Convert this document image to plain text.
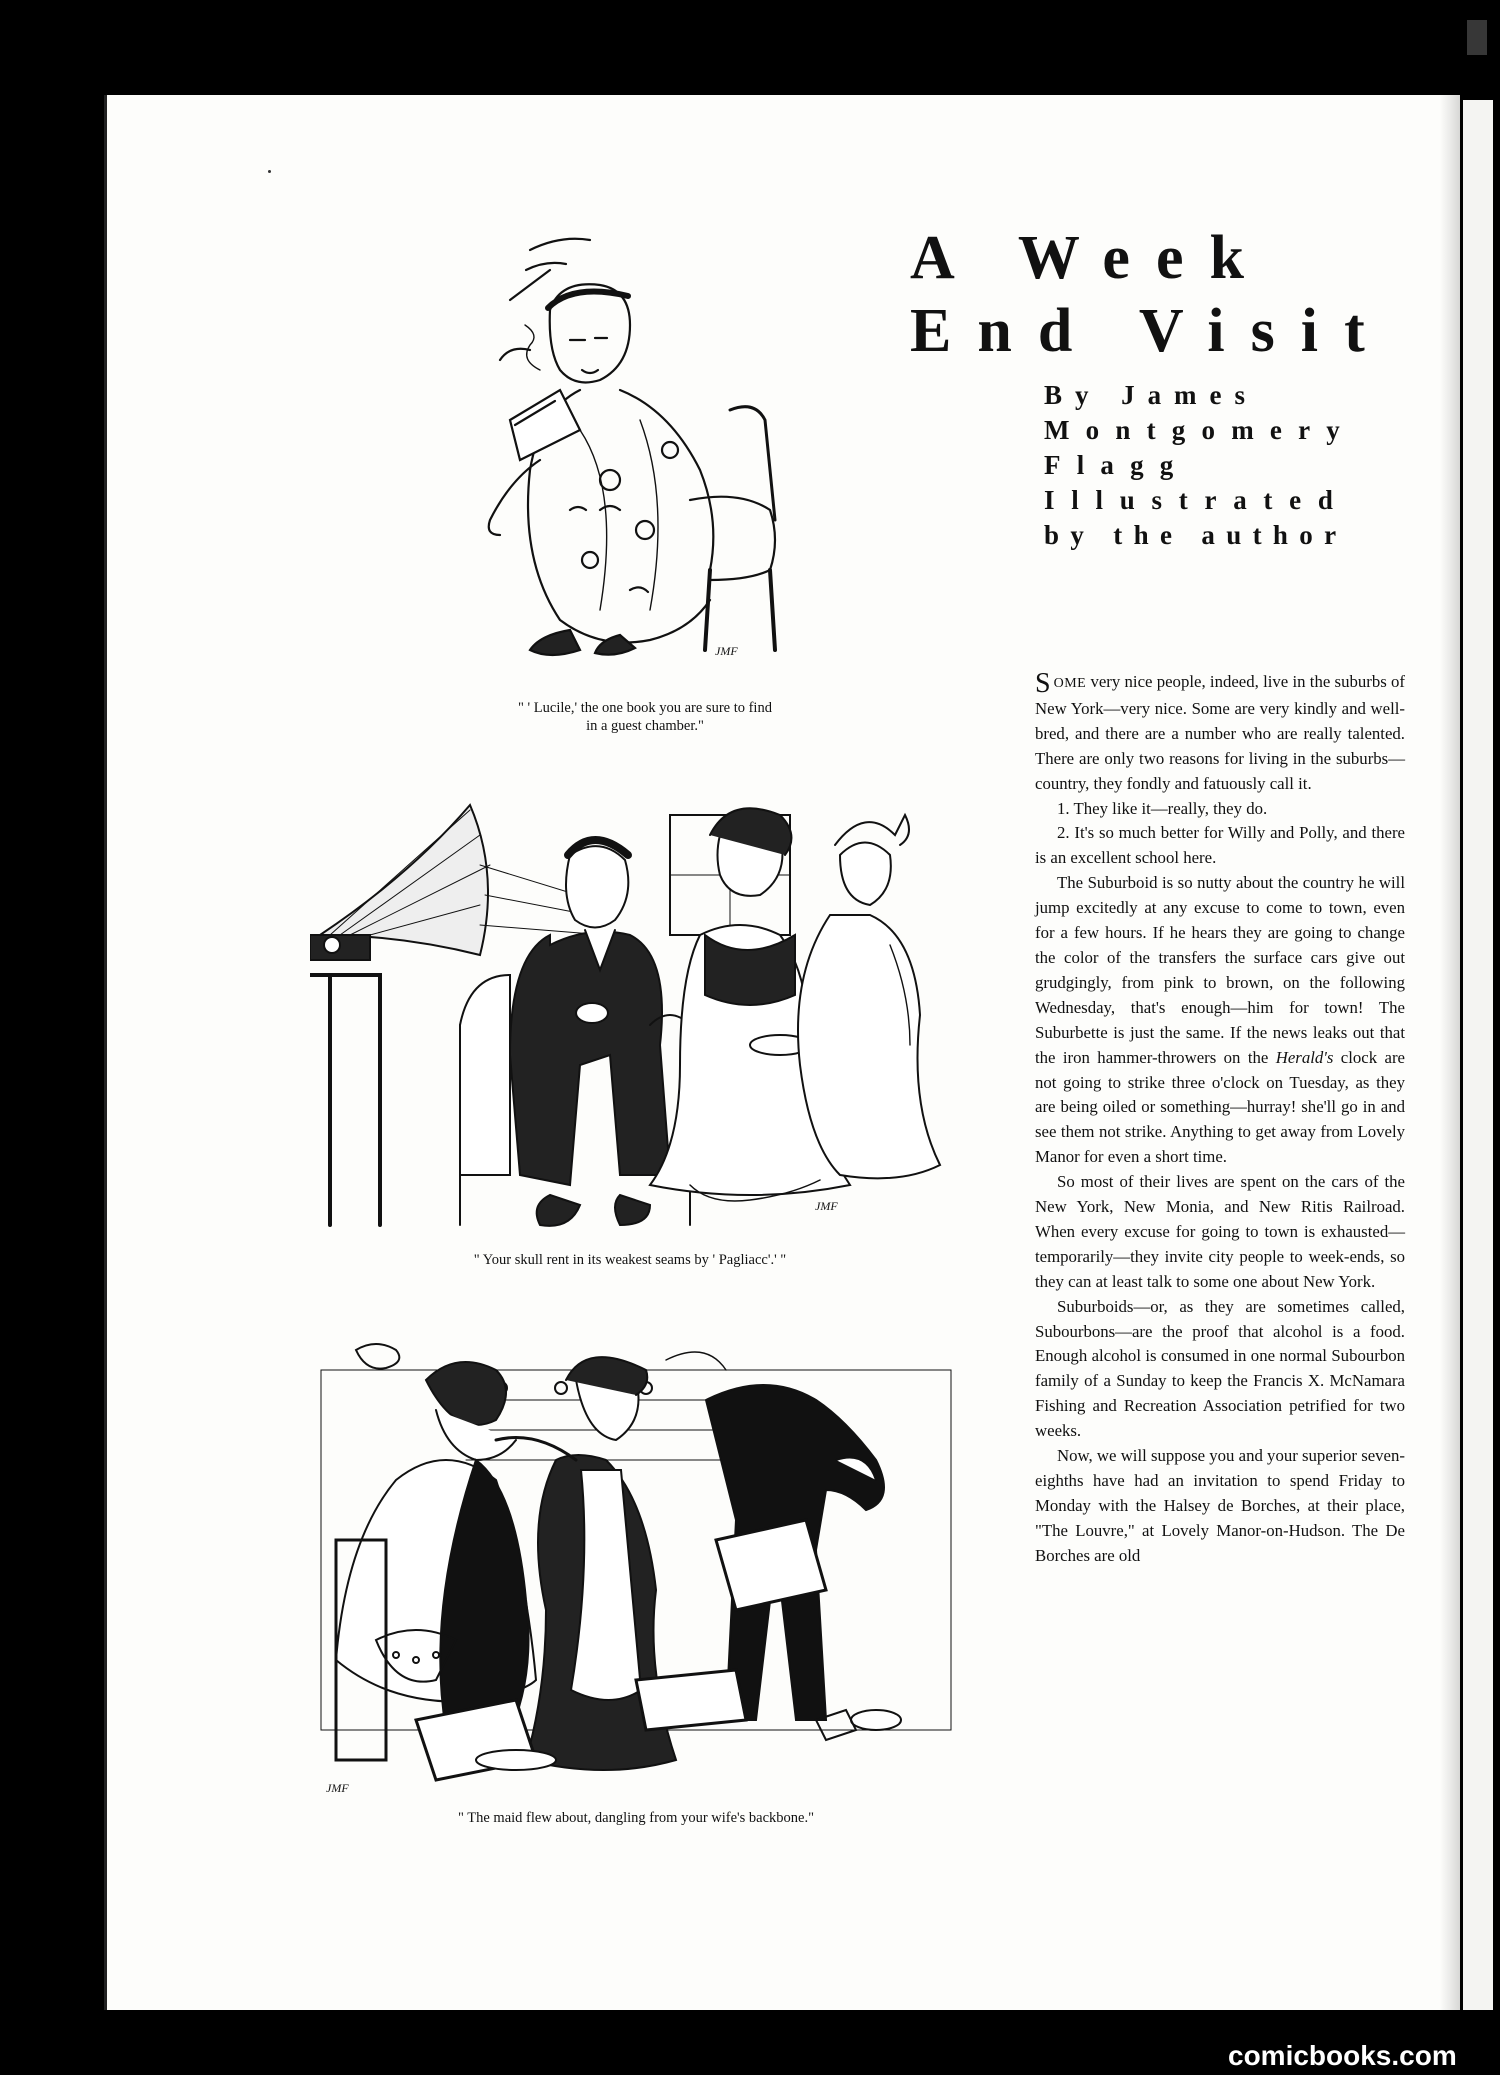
A Week
End Visit
By James
Montgomery
Flagg
Illustrated
by the author
JMF
" ' Lucile,' the one book you are sure to find
in a guest chamber."
JMF
" Your skull rent in its weakest seams by ' Pagliacc'.' "
JMF
" The maid flew about, dangling from your wife's backbone."

SOME very nice people, indeed, live in the suburbs of New York—very nice. Some are very kindly and well-bred, and there are a number who are really talented. There are only two reasons for living in the suburbs—country, they fondly and fatuously call it.

1. They like it—really, they do.

2. It's so much better for Willy and Polly, and there is an excellent school here.

The Suburboid is so nutty about the country he will jump excitedly at any excuse to come to town, even for a few hours. If he hears they are going to change the color of the transfers the surface cars give out grudgingly, from pink to brown, on the following Wednesday, that's enough—him for town! The Suburbette is just the same. If the news leaks out that the iron hammer-throwers on the Herald's clock are not going to strike three o'clock on Tuesday, as they are being oiled or something—hurray! she'll go in and see them not strike. Anything to get away from Lovely Manor for even a short time.

So most of their lives are spent on the cars of the New York, New Monia, and New Ritis Railroad. When every excuse for going to town is exhausted—temporarily—they invite city people to week-ends, so they can at least talk to some one about New York.

Suburboids—or, as they are sometimes called, Subourbons—are the proof that alcohol is a food. Enough alcohol is consumed in one normal Subourbon family of a Sunday to keep the Francis X. McNamara Fishing and Recreation Association petrified for two weeks.

Now, we will suppose you and your superior seven-eighths have had an invitation to spend Friday to Monday with the Halsey de Borches, at their place, "The Louvre," at Lovely Manor-on-Hudson. The De Borches are old

comicbooks.com
